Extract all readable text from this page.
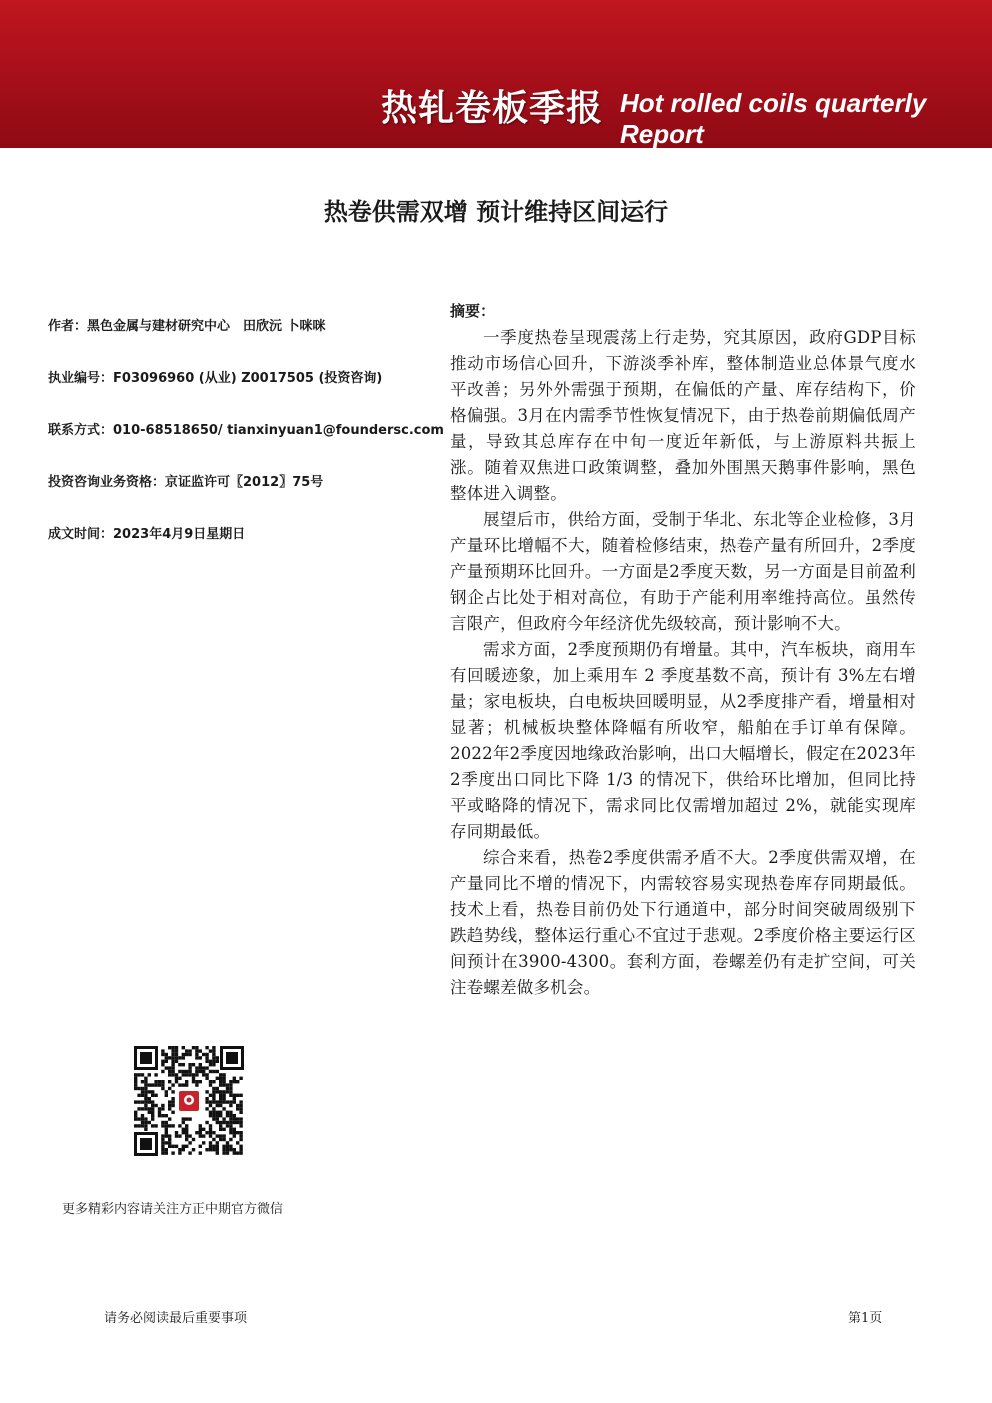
热轧卷板季报 Hot rolled coils quarterly Report
热卷供需双增 预计维持区间运行
作者：黑色金属与建材研究中心　田欣沅 卜咪咪
执业编号：F03096960 (从业) Z0017505 (投资咨询)
联系方式：010-68518650/ tianxinyuan1@foundersc.com
投资咨询业务资格：京证监许可〖2012〗75号
成文时间：2023年4月9日星期日
摘要：

一季度热卷呈现震荡上行走势，究其原因，政府GDP目标推动市场信心回升，下游淡季补库，整体制造业总体景气度水平改善；另外外需强于预期，在偏低的产量、库存结构下，价格偏强。3月在内需季节性恢复情况下，由于热卷前期偏低周产量，导致其总库存在中旬一度近年新低，与上游原料共振上涨。随着双焦进口政策调整，叠加外围黑天鹅事件影响，黑色整体进入调整。

展望后市，供给方面，受制于华北、东北等企业检修，3月产量环比增幅不大，随着检修结束，热卷产量有所回升，2季度产量预期环比回升。一方面是2季度天数，另一方面是目前盈利钢企占比处于相对高位，有助于产能利用率维持高位。虽然传言限产，但政府今年经济优先级较高，预计影响不大。

需求方面，2季度预期仍有增量。其中，汽车板块，商用车有回暖迹象，加上乘用车 2 季度基数不高，预计有 3%左右增量；家电板块，白电板块回暖明显，从2季度排产看，增量相对显著；机械板块整体降幅有所收窄，船舶在手订单有保障。2022年2季度因地缘政治影响，出口大幅增长，假定在2023年2季度出口同比下降 1/3 的情况下，供给环比增加，但同比持平或略降的情况下，需求同比仅需增加超过 2%，就能实现库存同期最低。

综合来看，热卷2季度供需矛盾不大。2季度供需双增，在产量同比不增的情况下，内需较容易实现热卷库存同期最低。技术上看，热卷目前仍处下行通道中，部分时间突破周级别下跌趋势线，整体运行重心不宜过于悲观。2季度价格主要运行区间预计在3900-4300。套利方面，卷螺差仍有走扩空间，可关注卷螺差做多机会。

更多精彩内容请关注方正中期官方微信
请务必阅读最后重要事项	第1页
